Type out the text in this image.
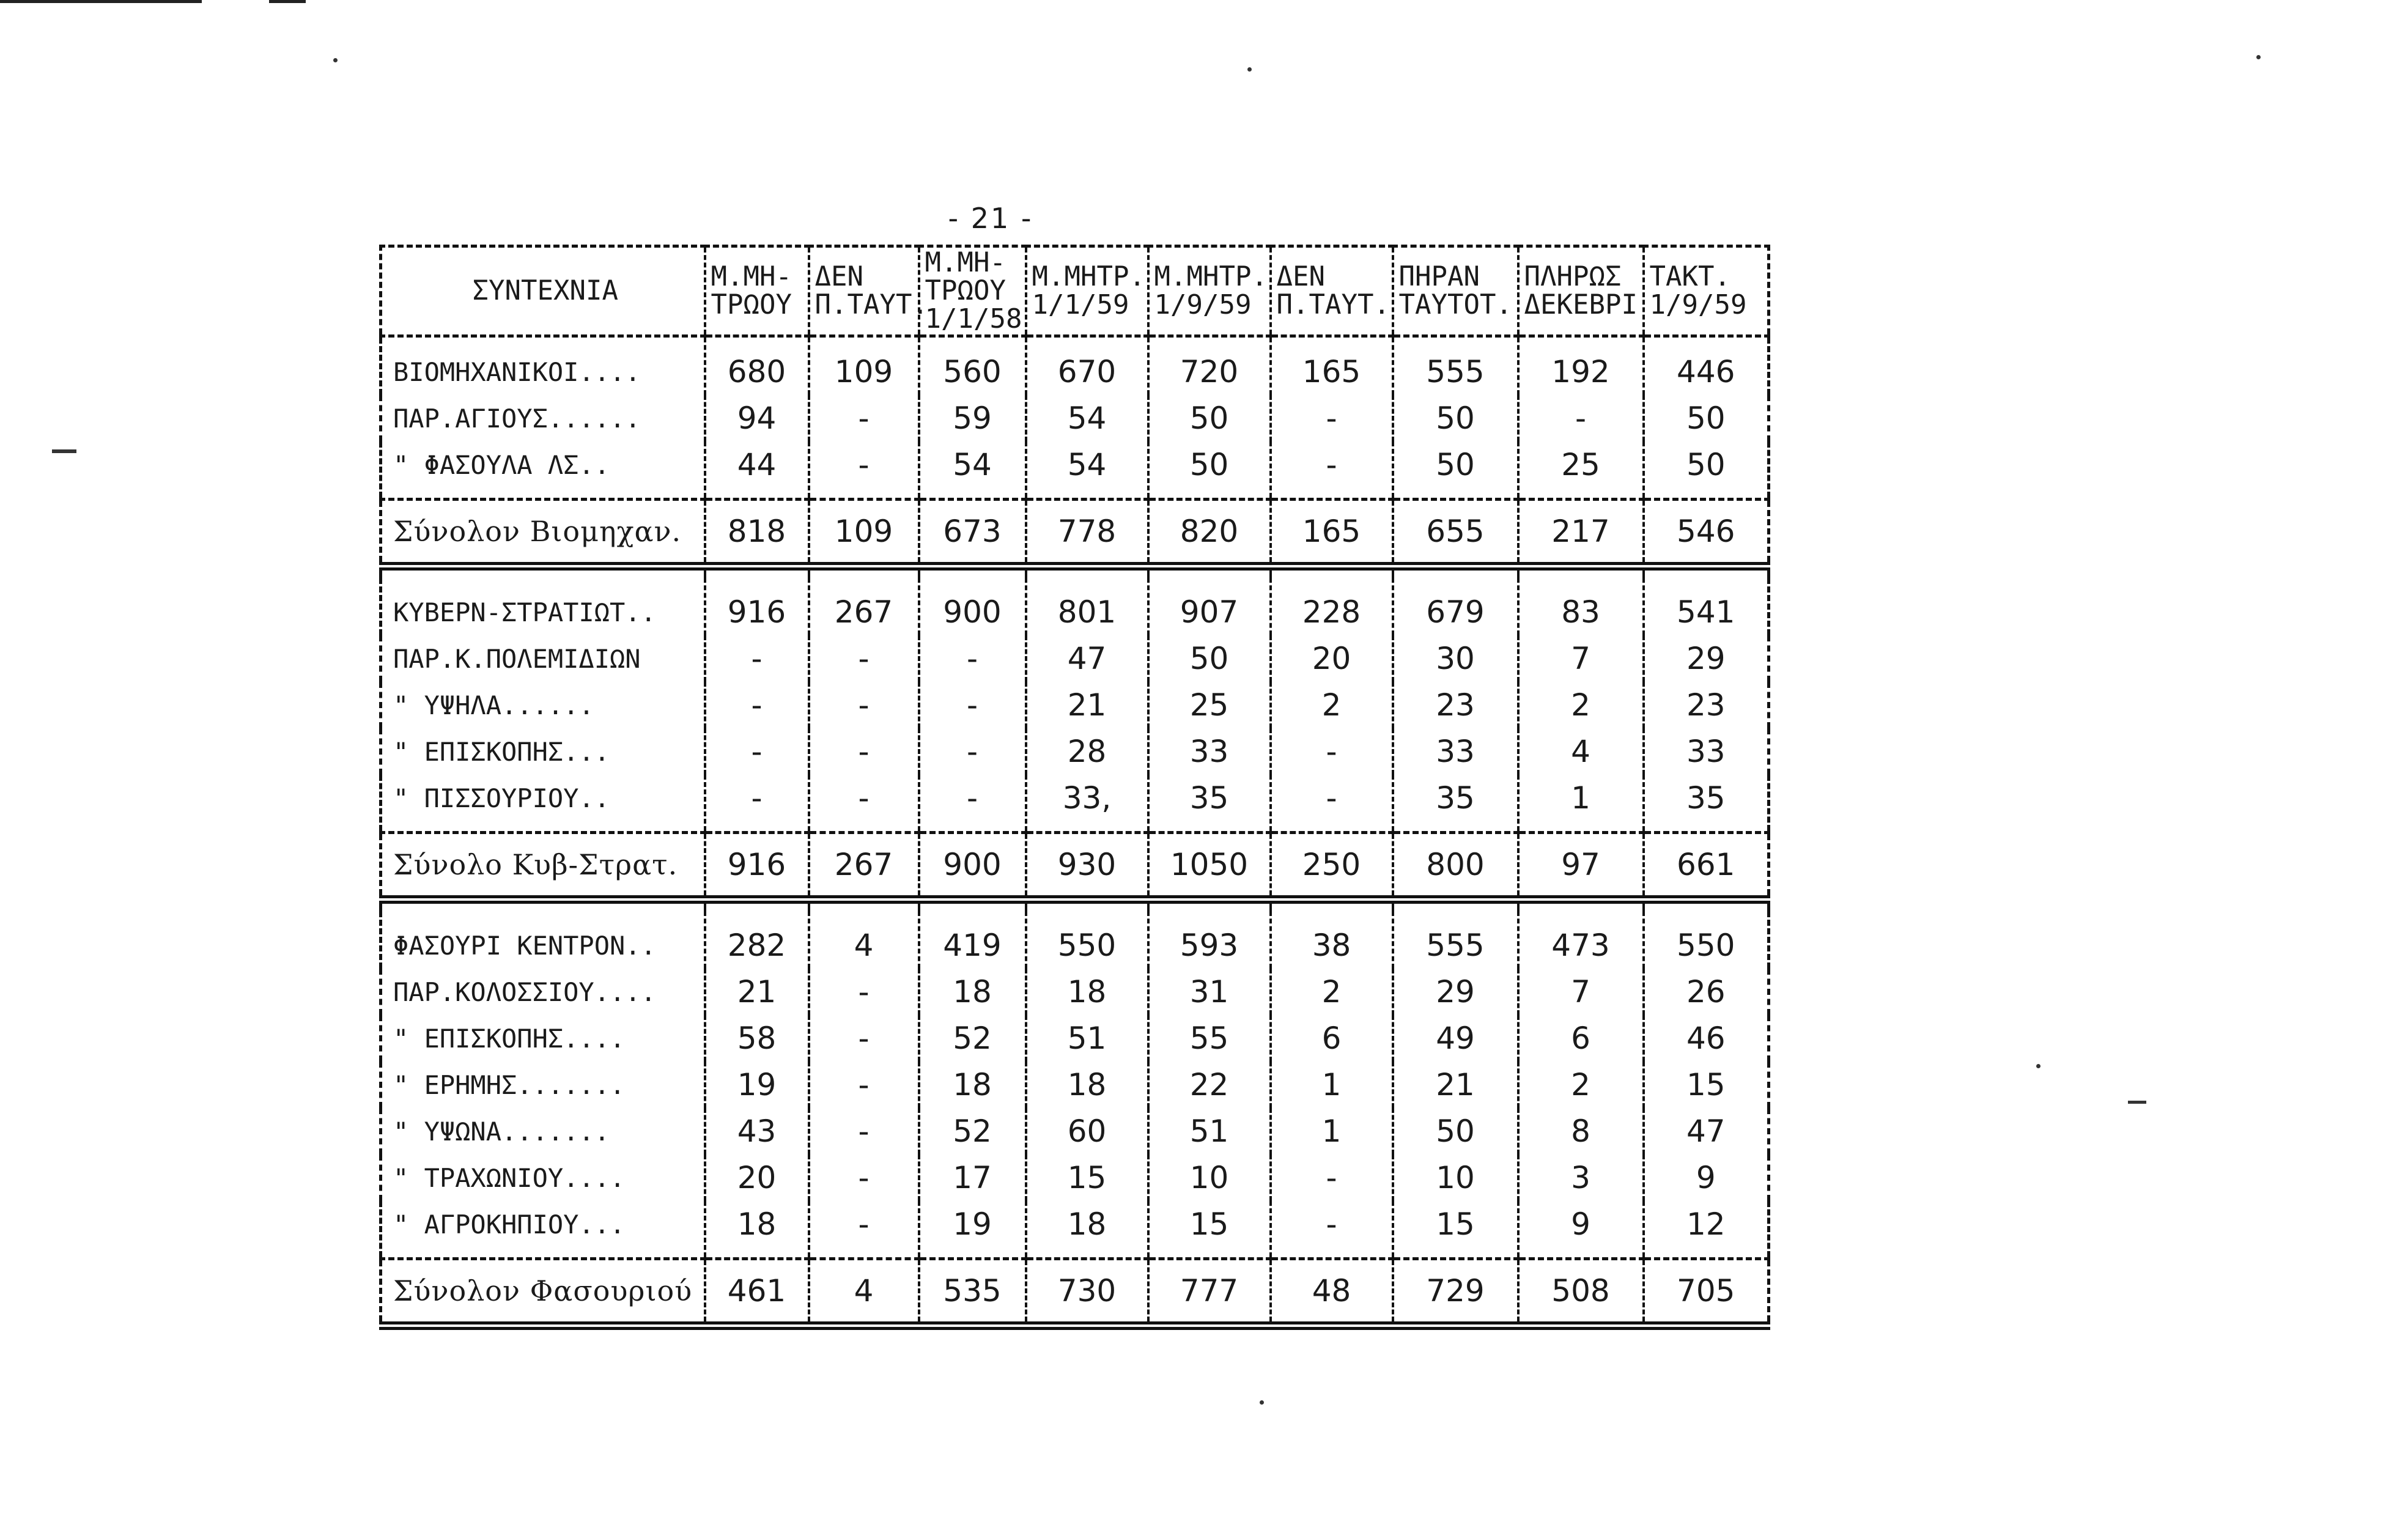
- 21 -
ΣΥΝΤΕΧΝΙΑ	Μ.ΜΗ-ΤΡΩΟΥ	ΔΕΝ Π.ΤΑΥΤ.	Μ.ΜΗ-ΤΡΩΟΥ 1/1/58	Μ.ΜΗΤΡ. 1/1/59	Μ.ΜΗΤΡ. 1/9/59	ΔΕΝ Π.ΤΑΥΤ.	ΠΗΡΑΝ ΤΑΥΤΟΤ.	ΠΛΗΡΩΣ ΔΕΚΕΒΡΙ	ΤΑΚΤ. 1/9/59
ΒΙΟΜΗΧΑΝΙΚΟΙ....	680	109	560	670	720	165	555	192	446
ΠΑΡ.ΑΓΙΟΥΣ......	94	-	59	54	50	-	50	-	50
" ΦΑΣΟΥΛΑ ΛΣ..	44	-	54	54	50	-	50	25	50
Σύνολον Βιομηχαν.	818	109	673	778	820	165	655	217	546

ΚΥΒΕΡΝ-ΣΤΡΑΤΙΩΤ..	916	267	900	801	907	228	679	83	541
ΠΑΡ.Κ.ΠΟΛΕΜΙΔΙΩΝ	-	-	-	47	50	20	30	7	29
" ΥΨΗΛΑ......	-	-	-	21	25	2	23	2	23
" ΕΠΙΣΚΟΠΗΣ...	-	-	-	28	33	-	33	4	33
" ΠΙΣΣΟΥΡΙΟΥ..	-	-	-	33,	35	-	35	1	35
Σύνολο Κυβ-Στρατ.	916	267	900	930	1050	250	800	97	661

ΦΑΣΟΥΡΙ ΚΕΝΤΡΟΝ..	282	4	419	550	593	38	555	473	550
ΠΑΡ.ΚΟΛΟΣΣΙΟΥ....	21	-	18	18	31	2	29	7	26
" ΕΠΙΣΚΟΠΗΣ....	58	-	52	51	55	6	49	6	46
" ΕΡΗΜΗΣ.......	19	-	18	18	22	1	21	2	15
" ΥΨΩΝΑ.......	43	-	52	60	51	1	50	8	47
" ΤΡΑΧΩΝΙΟΥ....	20	-	17	15	10	-	10	3	9
" ΑΓΡΟΚΗΠΙΟΥ...	18	-	19	18	15	-	15	9	12
Σύνολον Φασουριού	461	4	535	730	777	48	729	508	705
